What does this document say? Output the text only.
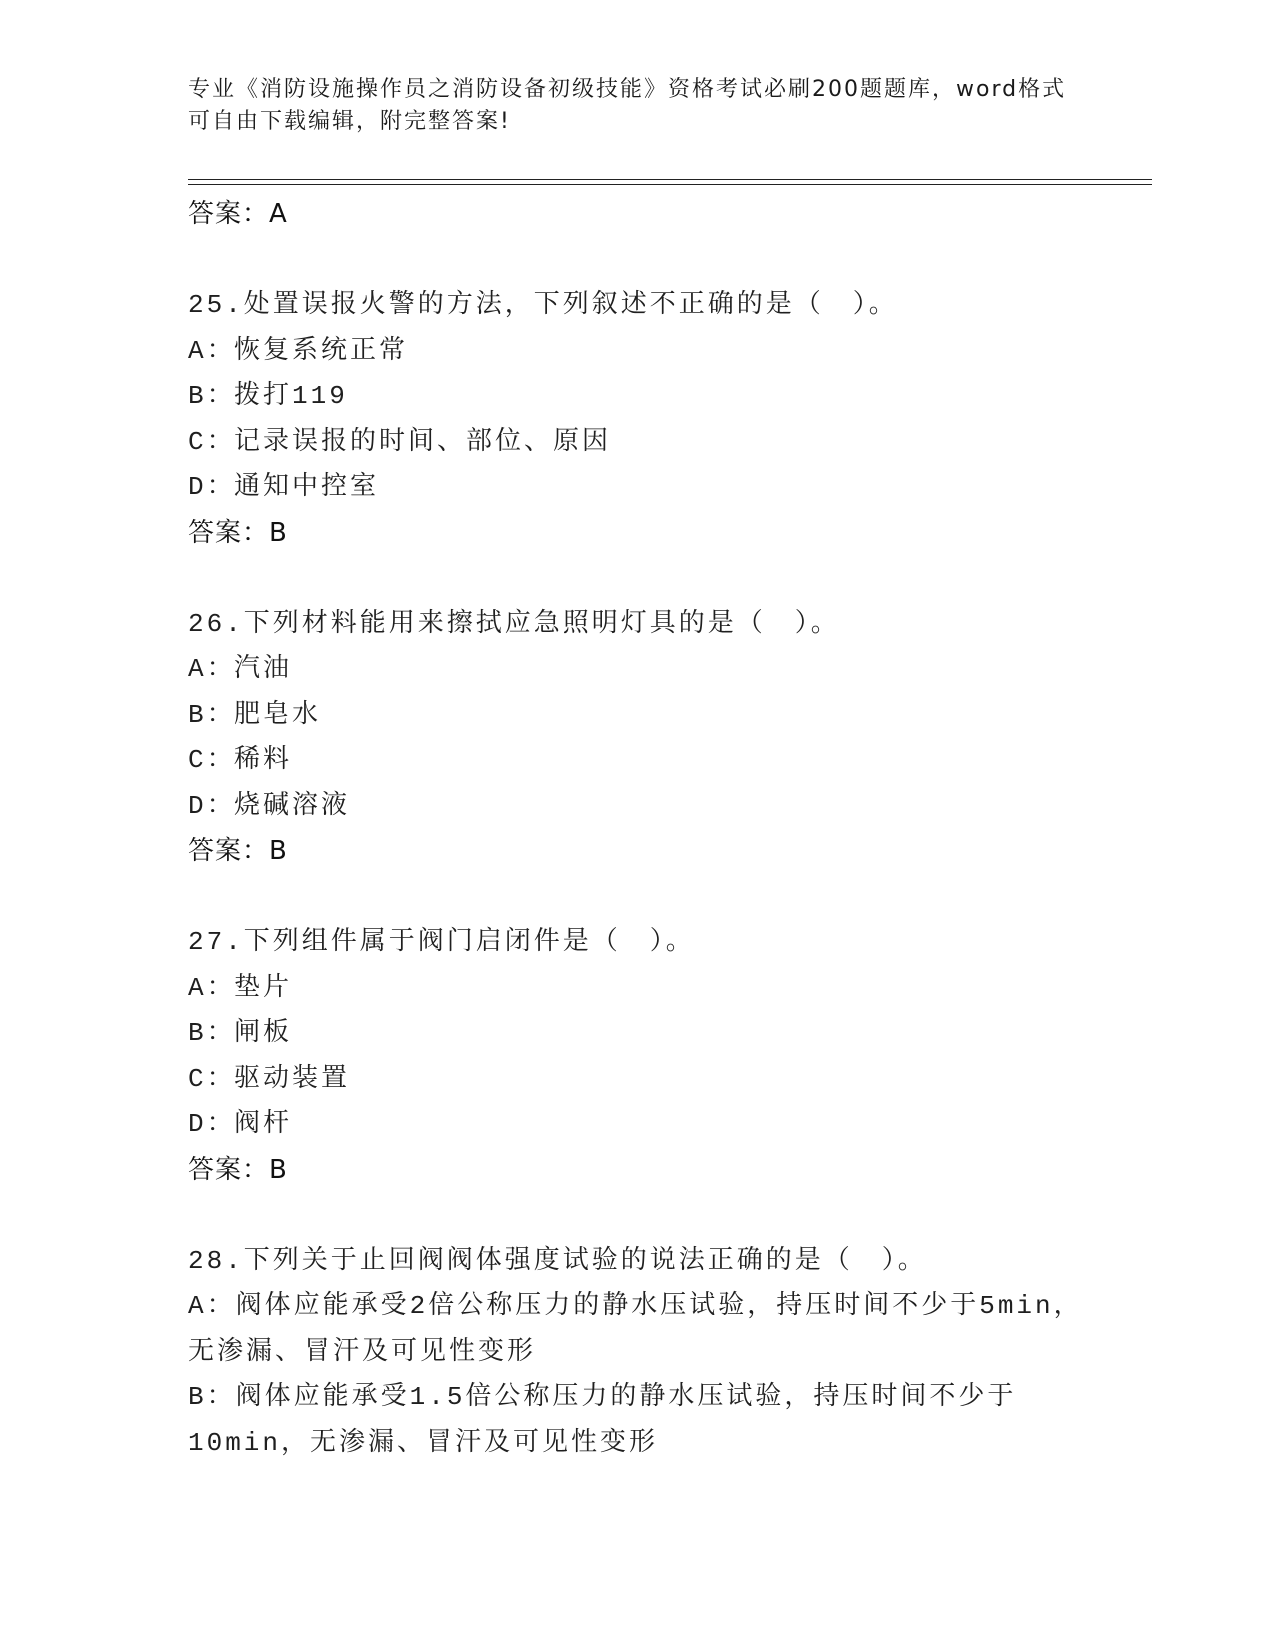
专业《消防设施操作员之消防设备初级技能》资格考试必刷200题题库，word格式可自由下载编辑，附完整答案!
答案：A
25.处置误报火警的方法，下列叙述不正确的是（　）。
A：恢复系统正常
B：拨打119
C：记录误报的时间、部位、原因
D：通知中控室
答案：B
26.下列材料能用来擦拭应急照明灯具的是（　）。
A：汽油
B：肥皂水
C：稀料
D：烧碱溶液
答案：B
27.下列组件属于阀门启闭件是（　）。
A：垫片
B：闸板
C：驱动装置
D：阀杆
答案：B
28.下列关于止回阀阀体强度试验的说法正确的是（　）。
A：阀体应能承受2倍公称压力的静水压试验，持压时间不少于5min，无渗漏、冒汗及可见性变形
B：阀体应能承受1.5倍公称压力的静水压试验，持压时间不少于10min，无渗漏、冒汗及可见性变形
